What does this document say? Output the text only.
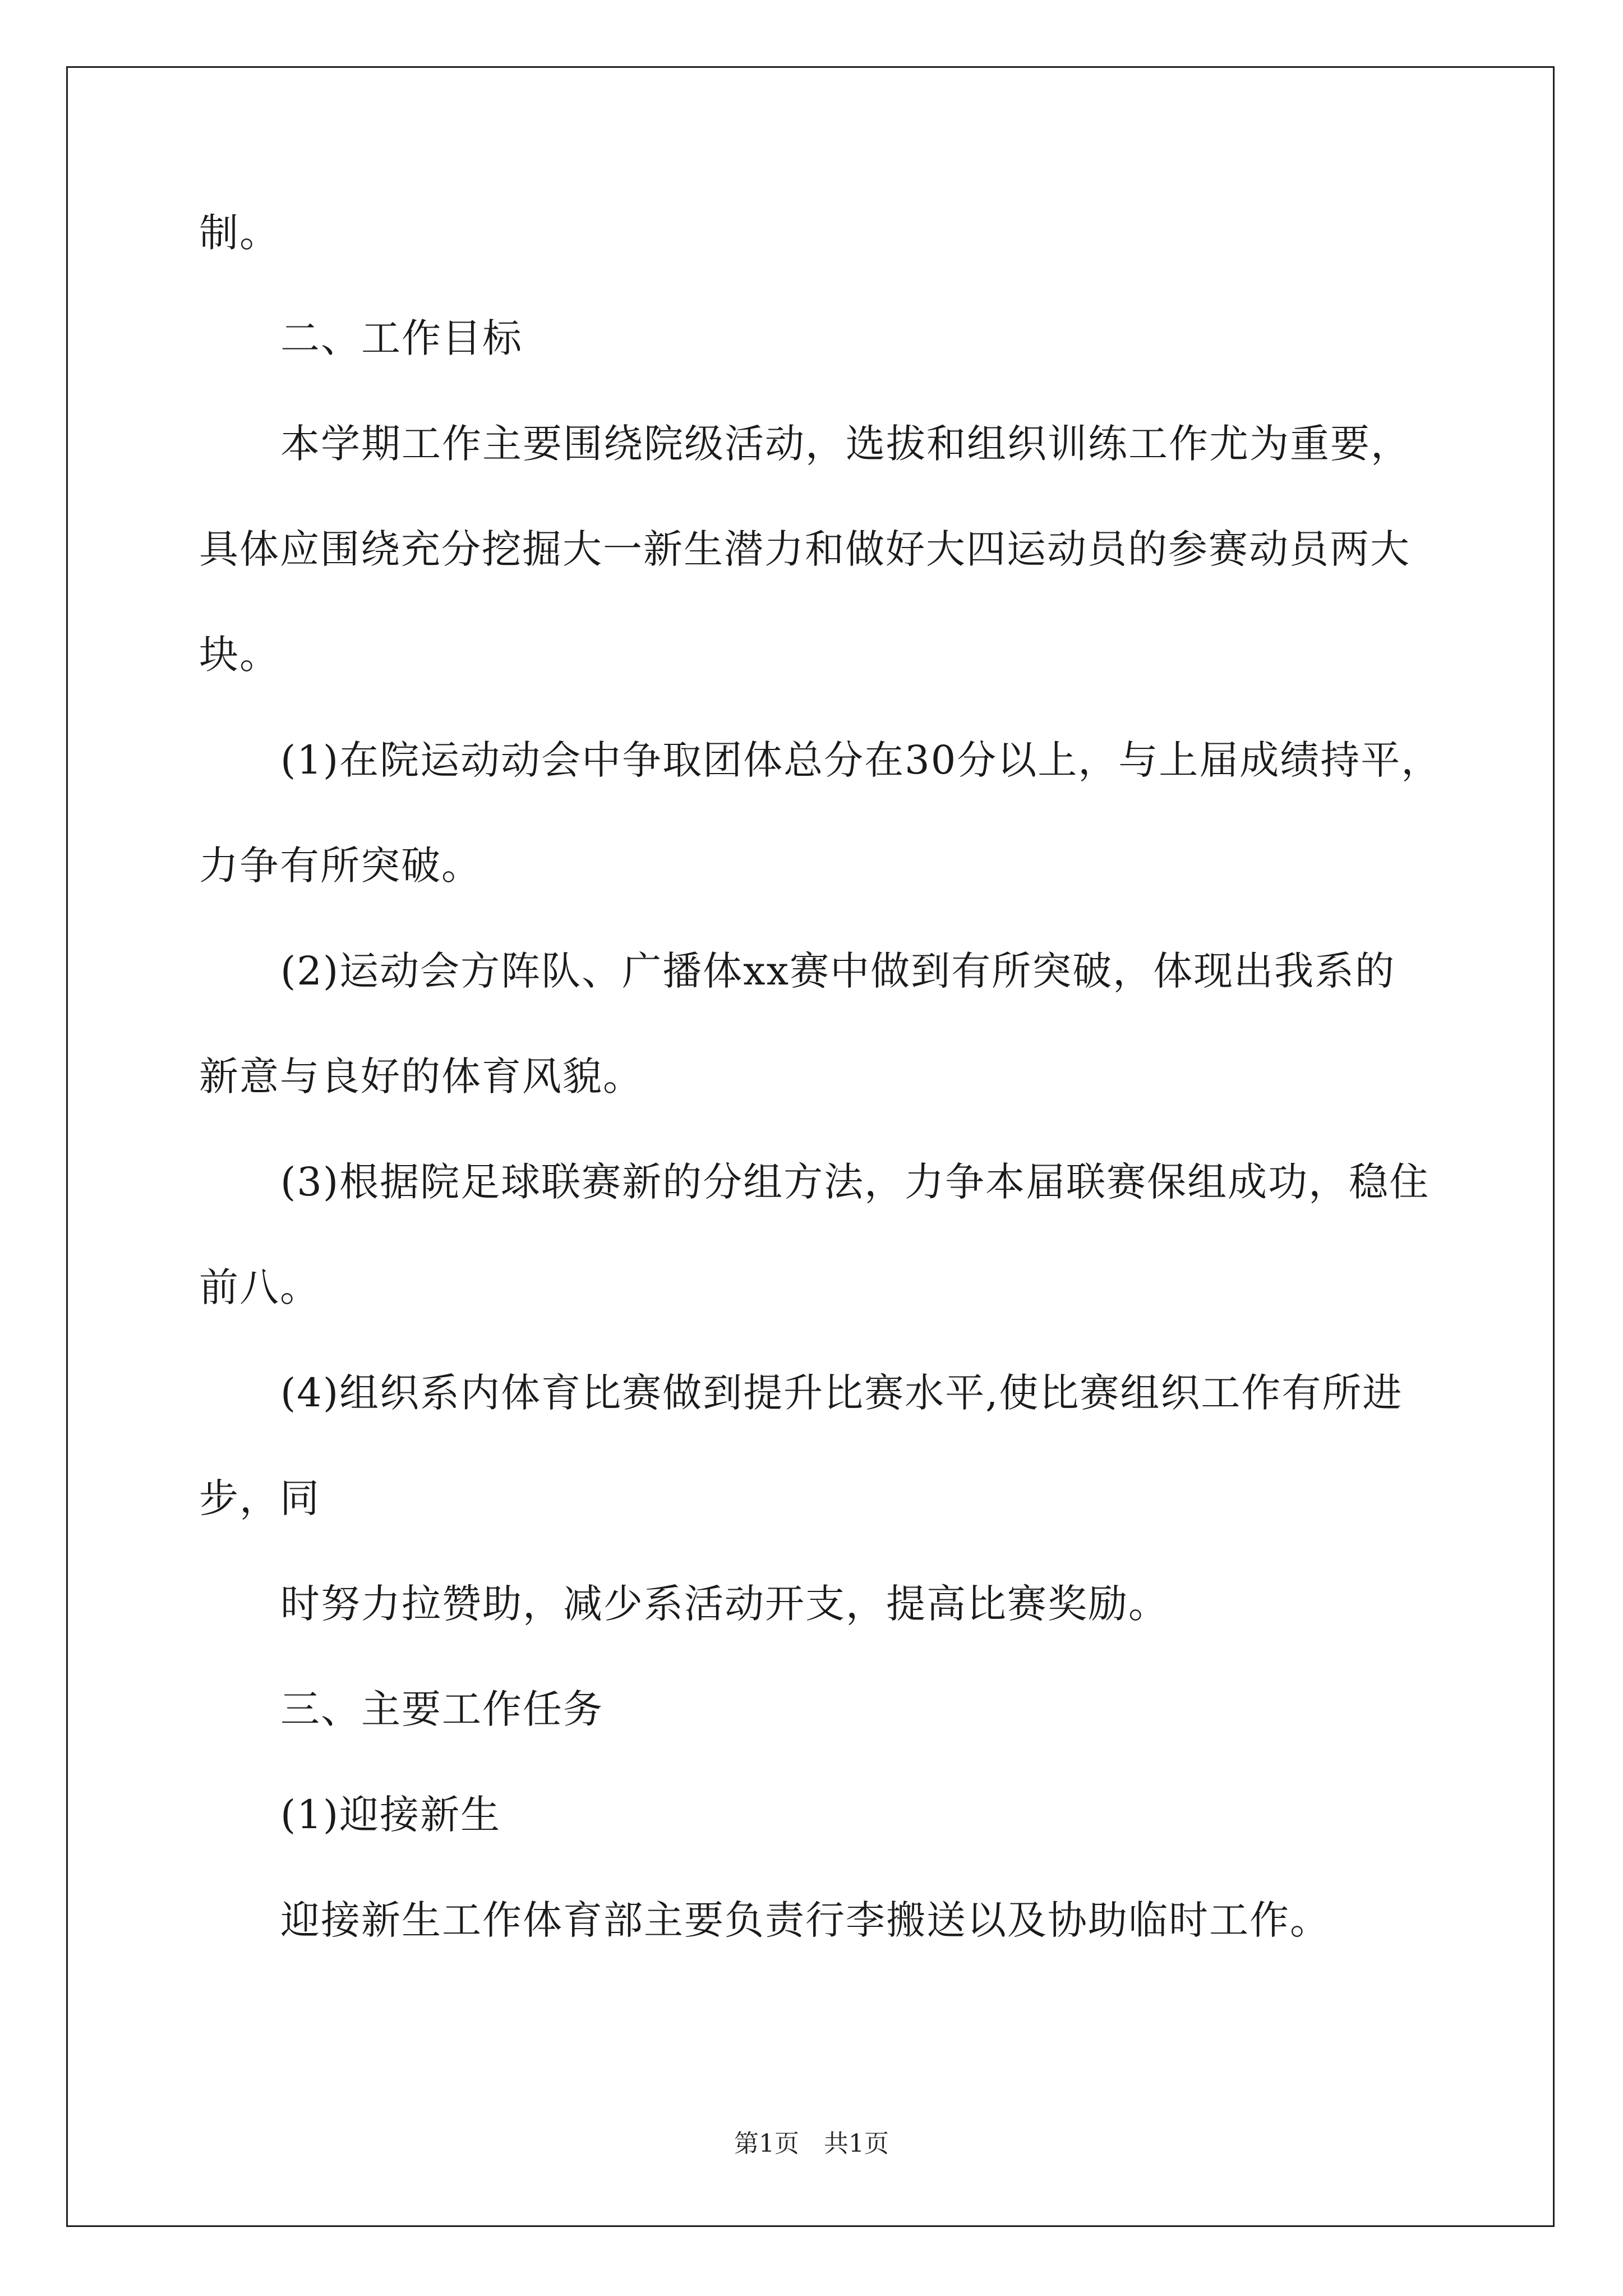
制。
二、工作目标
本学期工作主要围绕院级活动，选拔和组织训练工作尤为重要，
具体应围绕充分挖掘大一新生潜力和做好大四运动员的参赛动员两大
块。
(1)在院运动动会中争取团体总分在30分以上，与上届成绩持平，
力争有所突破。
(2)运动会方阵队、广播体xx赛中做到有所突破，体现出我系的
新意与良好的体育风貌。
(3)根据院足球联赛新的分组方法，力争本届联赛保组成功，稳住
前八。
(4)组织系内体育比赛做到提升比赛水平,使比赛组织工作有所进
步，同
时努力拉赞助，减少系活动开支，提高比赛奖励。
三、主要工作任务
(1)迎接新生
迎接新生工作体育部主要负责行李搬送以及协助临时工作。
第1页　共1页
